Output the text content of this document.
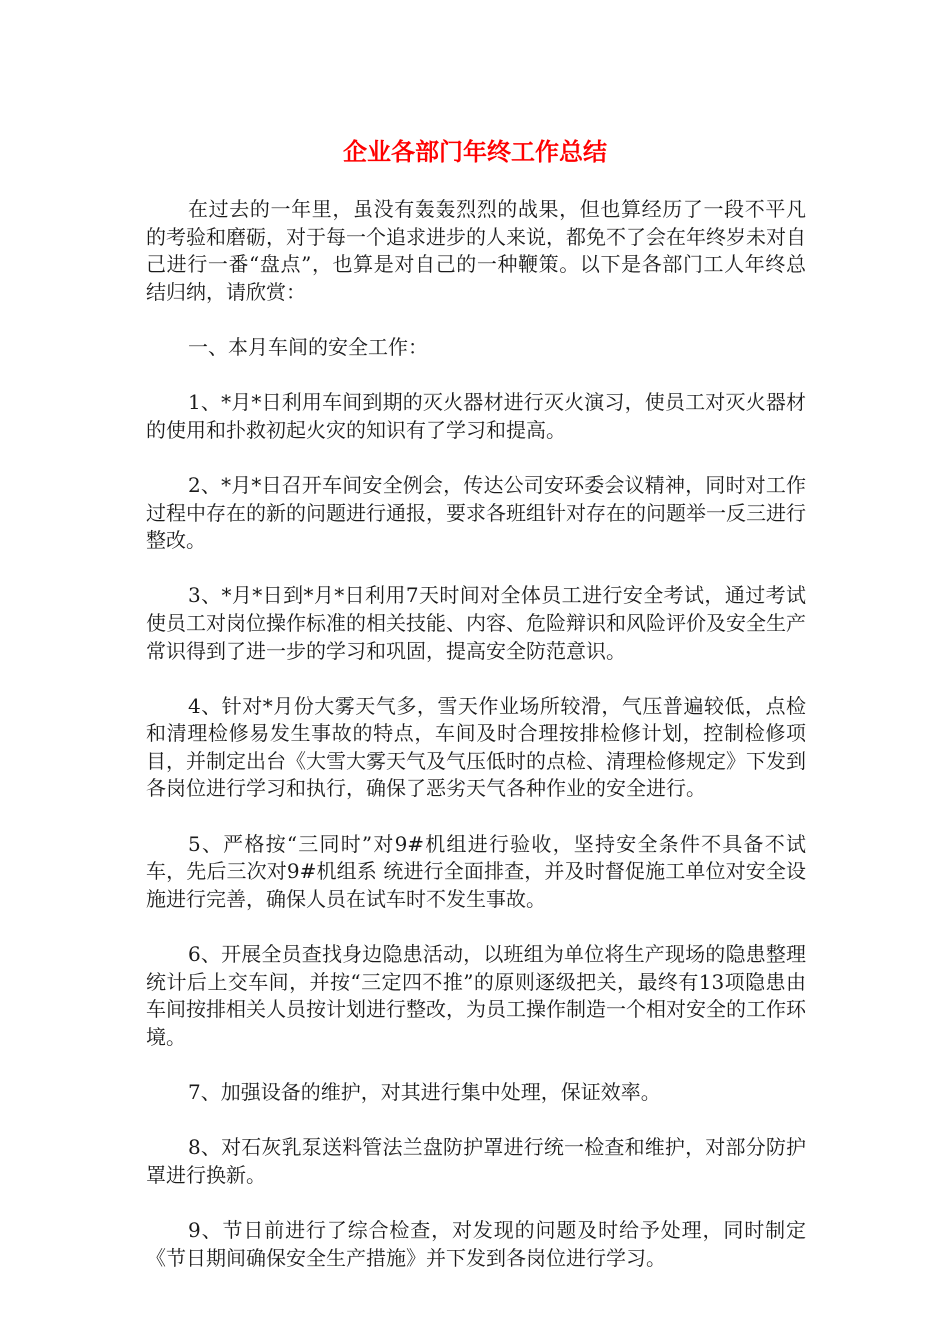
企业各部门年终工作总结

在过去的一年里，虽没有轰轰烈烈的战果，但也算经历了一段不平凡的考验和磨砺，对于每一个追求进步的人来说，都免不了会在年终岁未对自己进行一番“盘点”，也算是对自己的一种鞭策。以下是各部门工人年终总结归纳，请欣赏：

一、本月车间的安全工作：

1、*月*日利用车间到期的灭火器材进行灭火演习，使员工对灭火器材的使用和扑救初起火灾的知识有了学习和提高。

2、*月*日召开车间安全例会，传达公司安环委会议精神，同时对工作过程中存在的新的问题进行通报，要求各班组针对存在的问题举一反三进行整改。

3、*月*日到*月*日利用7天时间对全体员工进行安全考试，通过考试使员工对岗位操作标准的相关技能、内容、危险辩识和风险评价及安全生产常识得到了进一步的学习和巩固，提高安全防范意识。

4、针对*月份大雾天气多，雪天作业场所较滑，气压普遍较低，点检和清理检修易发生事故的特点，车间及时合理按排检修计划，控制检修项目，并制定出台《大雪大雾天气及气压低时的点检、清理检修规定》下发到各岗位进行学习和执行，确保了恶劣天气各种作业的安全进行。

5、严格按“三同时”对9#机组进行验收，坚持安全条件不具备不试车，先后三次对9#机组系 统进行全面排查，并及时督促施工单位对安全设施进行完善，确保人员在试车时不发生事故。

6、开展全员查找身边隐患活动，以班组为单位将生产现场的隐患整理统计后上交车间，并按“三定四不推”的原则逐级把关，最终有13项隐患由车间按排相关人员按计划进行整改，为员工操作制造一个相对安全的工作环境。

7、加强设备的维护，对其进行集中处理，保证效率。

8、对石灰乳泵送料管法兰盘防护罩进行统一检查和维护，对部分防护罩进行换新。

9、节日前进行了综合检查，对发现的问题及时给予处理，同时制定《节日期间确保安全生产措施》并下发到各岗位进行学习。
